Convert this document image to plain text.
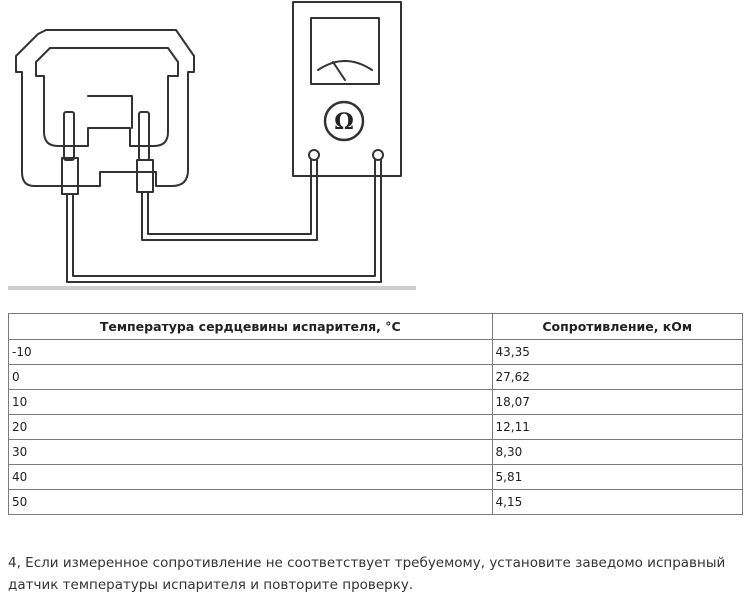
Ω
Температура сердцевины испарителя, °С	Сопротивление, кОм
-10	43,35
0	27,62
10	18,07
20	12,11
30	8,30
40	5,81
50	4,15

4, Если измеренное сопротивление не соответствует требуемому, установите заведомо исправный датчик температуры испарителя и повторите проверку.
